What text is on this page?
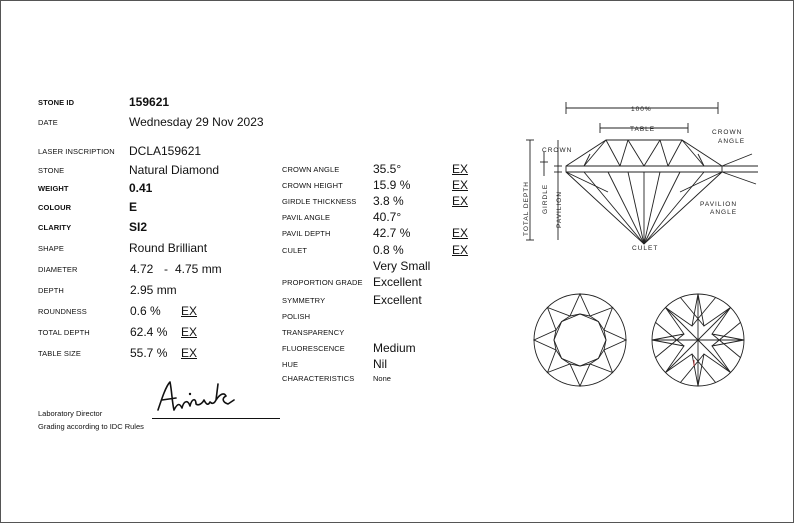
STONE ID	159621
DATE	Wednesday 29 Nov 2023
LASER INSCRIPTION DCLA159621
STONE	Natural Diamond
WEIGHT	0.41
COLOUR	E
CLARITY	SI2
SHAPE	Round Brilliant
DIAMETER	4.72 - 4.75 mm
DEPTH	2.95 mm
ROUNDNESS	0.6 % EX
TOTAL DEPTH	62.4 % EX
TABLE SIZE	55.7 % EX
CROWN ANGLE	35.5°	EX
CROWN HEIGHT	15.9 %	EX
GIRDLE THICKNESS 3.8 %	EX
PAVIL ANGLE	40.7°
PAVIL DEPTH	42.7 %	EX
CULET	0.8 %	EX
Very Small
PROPORTION GRADE Excellent
SYMMETRY	Excellent
POLISH
TRANSPARENCY
FLUORESCENCE Medium
HUE	Nil
CHARACTERISTICS None
Laboratory Director
Grading according to IDC Rules
100%
TABLE
CROWN
CROWN
ANGLE
PAVILION
ANGLE
CULET
TOTAL DEPTH GIRDLE PAVILION
